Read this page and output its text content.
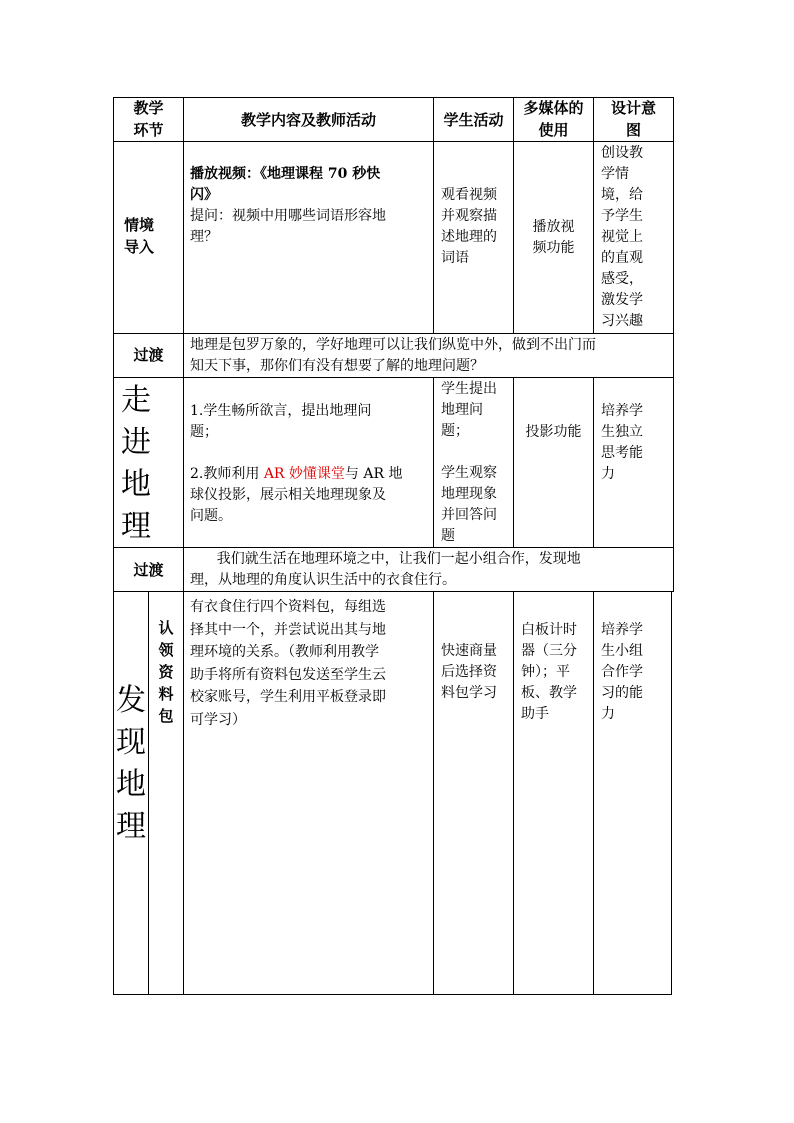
教学
环节
教学内容及教师活动	学生活动
多媒体的
使用
设计意
图
情境
导入
播放视频：《地理课程 70 秒快
闪》
提问：视频中用哪些词语形容地
理？
观看视频
并观察描
述地理的
词语
播放视
频功能
创设教
学情
境，给
予学生
视觉上
的直观
感受，
激发学
习兴趣
过渡
地理是包罗万象的，学好地理可以让我们纵览中外，做到不出门而
知天下事，那你们有没有想要了解的地理问题？
走
进
地
理
1.学生畅所欲言，提出地理问
题；
2.教师利用 AR 妙懂课堂与 AR 地
球仪投影，展示相关地理现象及
问题。
学生提出
地理问
题；

学生观察
地理现象
并回答问
题
投影功能
培养学
生独立
思考能
力
过渡
我们就生活在地理环境之中，让我们一起小组合作，发现地
理，从地理的角度认识生活中的衣食住行。
发
现
地
理
认
领
资
料
包
有衣食住行四个资料包，每组选
择其中一个，并尝试说出其与地
理环境的关系。（教师利用教学
助手将所有资料包发送至学生云
校家账号，学生利用平板登录即
可学习）
快速商量
后选择资
料包学习
白板计时
器（三分
钟）；平
板、教学
助手
培养学
生小组
合作学
习的能
力
